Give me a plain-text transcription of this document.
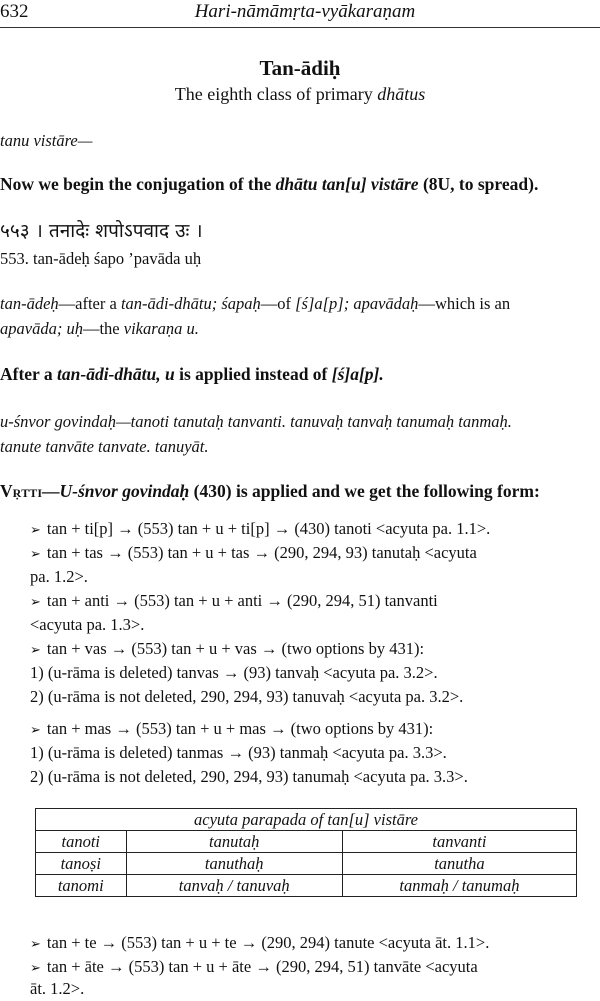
632	Hari-nāmāmṛta-vyākaraṇam
Tan-ādiḥ
The eighth class of primary dhātus
tanu vistāre—
Now we begin the conjugation of the dhātu tan[u] vistāre (8U, to spread).
५५३ । तनादेः शपोऽपवाद उः ।
553. tan-ādeḥ śapo ’pavāda uḥ
tan-ādeḥ—after a tan-ādi-dhātu; śapaḥ—of [ś]a[p]; apavādaḥ—which is an
apavāda; uḥ—the vikaraṇa u.
After a tan-ādi-dhātu, u is applied instead of [ś]a[p].
u-śnvor govindaḥ—tanoti tanutaḥ tanvanti. tanuvaḥ tanvaḥ tanumaḥ tanmaḥ.
tanute tanvāte tanvate. tanuyāt.
Vṛtti—U-śnvor govindaḥ (430) is applied and we get the following form:
➢ tan + ti[p] → (553) tan + u + ti[p] → (430) tanoti <acyuta pa. 1.1>.
➢ tan + tas → (553) tan + u + tas → (290, 294, 93) tanutaḥ <acyuta
pa. 1.2>.
➢ tan + anti → (553) tan + u + anti → (290, 294, 51) tanvanti
<acyuta pa. 1.3>.
➢ tan + vas → (553) tan + u + vas → (two options by 431):
1) (u-rāma is deleted) tanvas → (93) tanvaḥ <acyuta pa. 3.2>.
2) (u-rāma is not deleted, 290, 294, 93) tanuvaḥ <acyuta pa. 3.2>.
➢ tan + mas → (553) tan + u + mas → (two options by 431):
1) (u-rāma is deleted) tanmas → (93) tanmaḥ <acyuta pa. 3.3>.
2) (u-rāma is not deleted, 290, 294, 93) tanumaḥ <acyuta pa. 3.3>.
acyuta parapada of tan[u] vistāre		
tanoti	tanutaḥ	tanvanti
tanoṣi	tanuthaḥ	tanutha
tanomi	tanvaḥ / tanuvaḥ	tanmaḥ / tanumaḥ
➢ tan + te → (553) tan + u + te → (290, 294) tanute <acyuta āt. 1.1>.
➢ tan + āte → (553) tan + u + āte → (290, 294, 51) tanvāte <acyuta
āt. 1.2>.
